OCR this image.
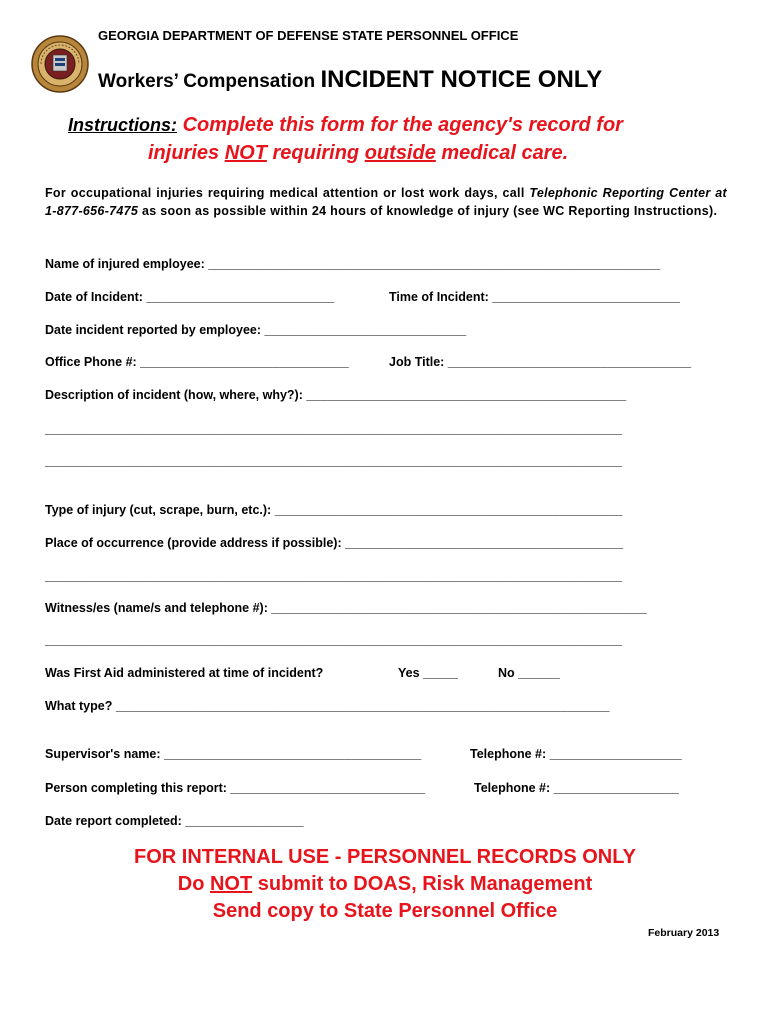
GEORGIA DEPARTMENT OF DEFENSE STATE PERSONNEL OFFICE
Workers’ Compensation INCIDENT NOTICE ONLY
Instructions: Complete this form for the agency's record for
injuries NOT requiring outside medical care.
For occupational injuries requiring medical attention or lost work days, call Telephonic Reporting Center at 1-877-656-7475 as soon as possible within 24 hours of knowledge of injury (see WC Reporting Instructions).
Name of injured employee: _________________________________________________________________
Date of Incident: ___________________________	Time of Incident: ___________________________
Date incident reported by employee: _____________________________
Office Phone #: ______________________________	Job Title: ___________________________________
Description of incident (how, where, why?): ______________________________________________
___________________________________________________________________________________
___________________________________________________________________________________
Type of injury (cut, scrape, burn, etc.): __________________________________________________
Place of occurrence (provide address if possible): ________________________________________
___________________________________________________________________________________
Witness/es (name/s and telephone #): ______________________________________________________
___________________________________________________________________________________
Was First Aid administered at time of incident?	Yes _____	No ______
What type? _______________________________________________________________________
Supervisor's name: _____________________________________	Telephone #: ___________________
Person completing this report: ____________________________	Telephone #: __________________
Date report completed: _________________
FOR INTERNAL USE - PERSONNEL RECORDS ONLY
Do NOT submit to DOAS, Risk Management
Send copy to State Personnel Office
February 2013
